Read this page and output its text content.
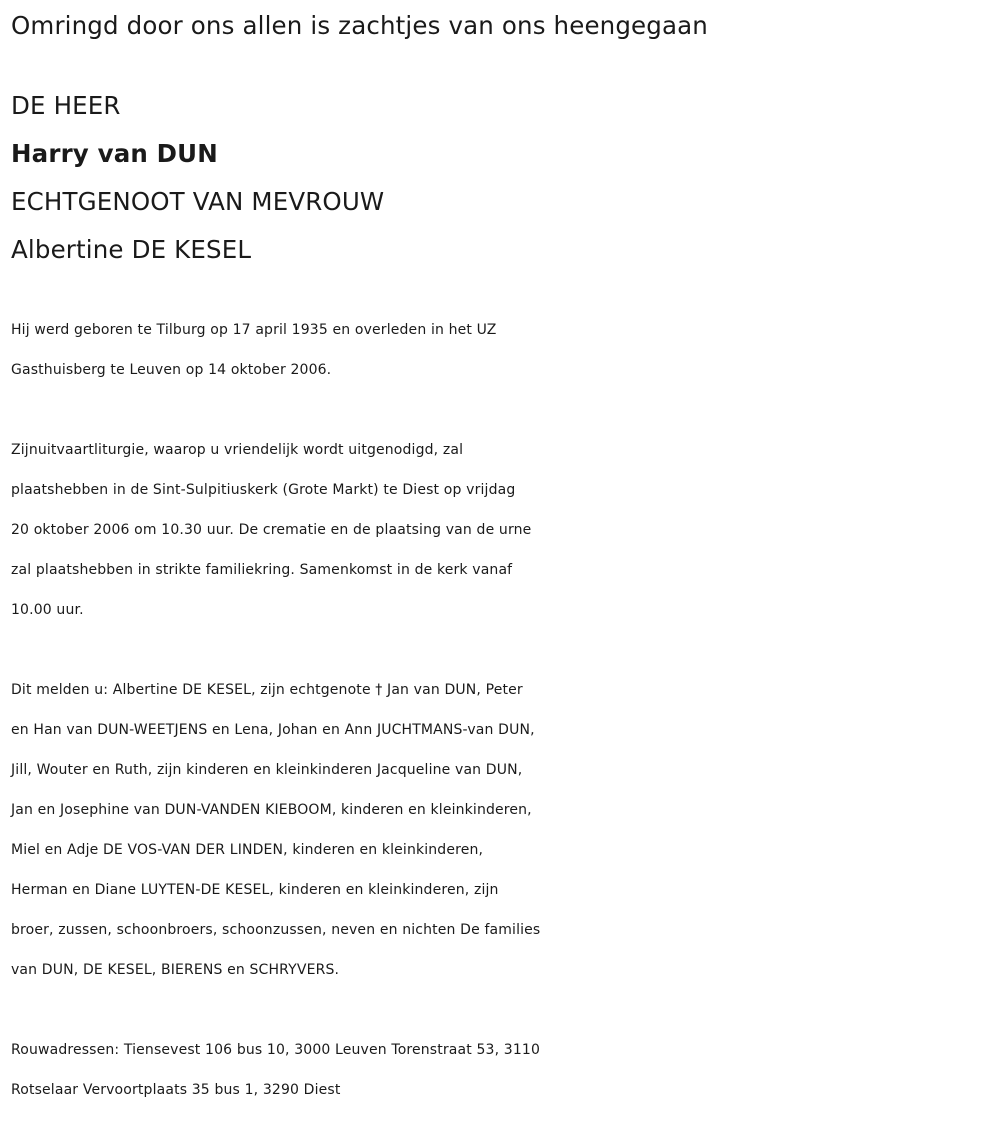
Omringd door ons allen is zachtjes van ons heengegaan
DE HEER
Harry van DUN
ECHTGENOOT VAN MEVROUW
Albertine DE KESEL
Hij werd geboren te Tilburg op 17 april 1935 en overleden in het UZ
Gasthuisberg te Leuven op 14 oktober 2006.
Zijnuitvaartliturgie, waarop u vriendelijk wordt uitgenodigd, zal
plaatshebben in de Sint-Sulpitiuskerk (Grote Markt) te Diest op vrijdag
20 oktober 2006 om 10.30 uur. De crematie en de plaatsing van de urne
zal plaatshebben in strikte familiekring. Samenkomst in de kerk vanaf
10.00 uur.
Dit melden u: Albertine DE KESEL, zijn echtgenote † Jan van DUN, Peter
en Han van DUN-WEETJENS en Lena, Johan en Ann JUCHTMANS-van DUN,
Jill, Wouter en Ruth, zijn kinderen en kleinkinderen Jacqueline van DUN,
Jan en Josephine van DUN-VANDEN KIEBOOM, kinderen en kleinkinderen,
Miel en Adje DE VOS-VAN DER LINDEN, kinderen en kleinkinderen,
Herman en Diane LUYTEN-DE KESEL, kinderen en kleinkinderen, zijn
broer, zussen, schoonbroers, schoonzussen, neven en nichten De families
van DUN, DE KESEL, BIERENS en SCHRYVERS.
Rouwadressen: Tiensevest 106 bus 10, 3000 Leuven Torenstraat 53, 3110
Rotselaar Vervoortplaats 35 bus 1, 3290 Diest
